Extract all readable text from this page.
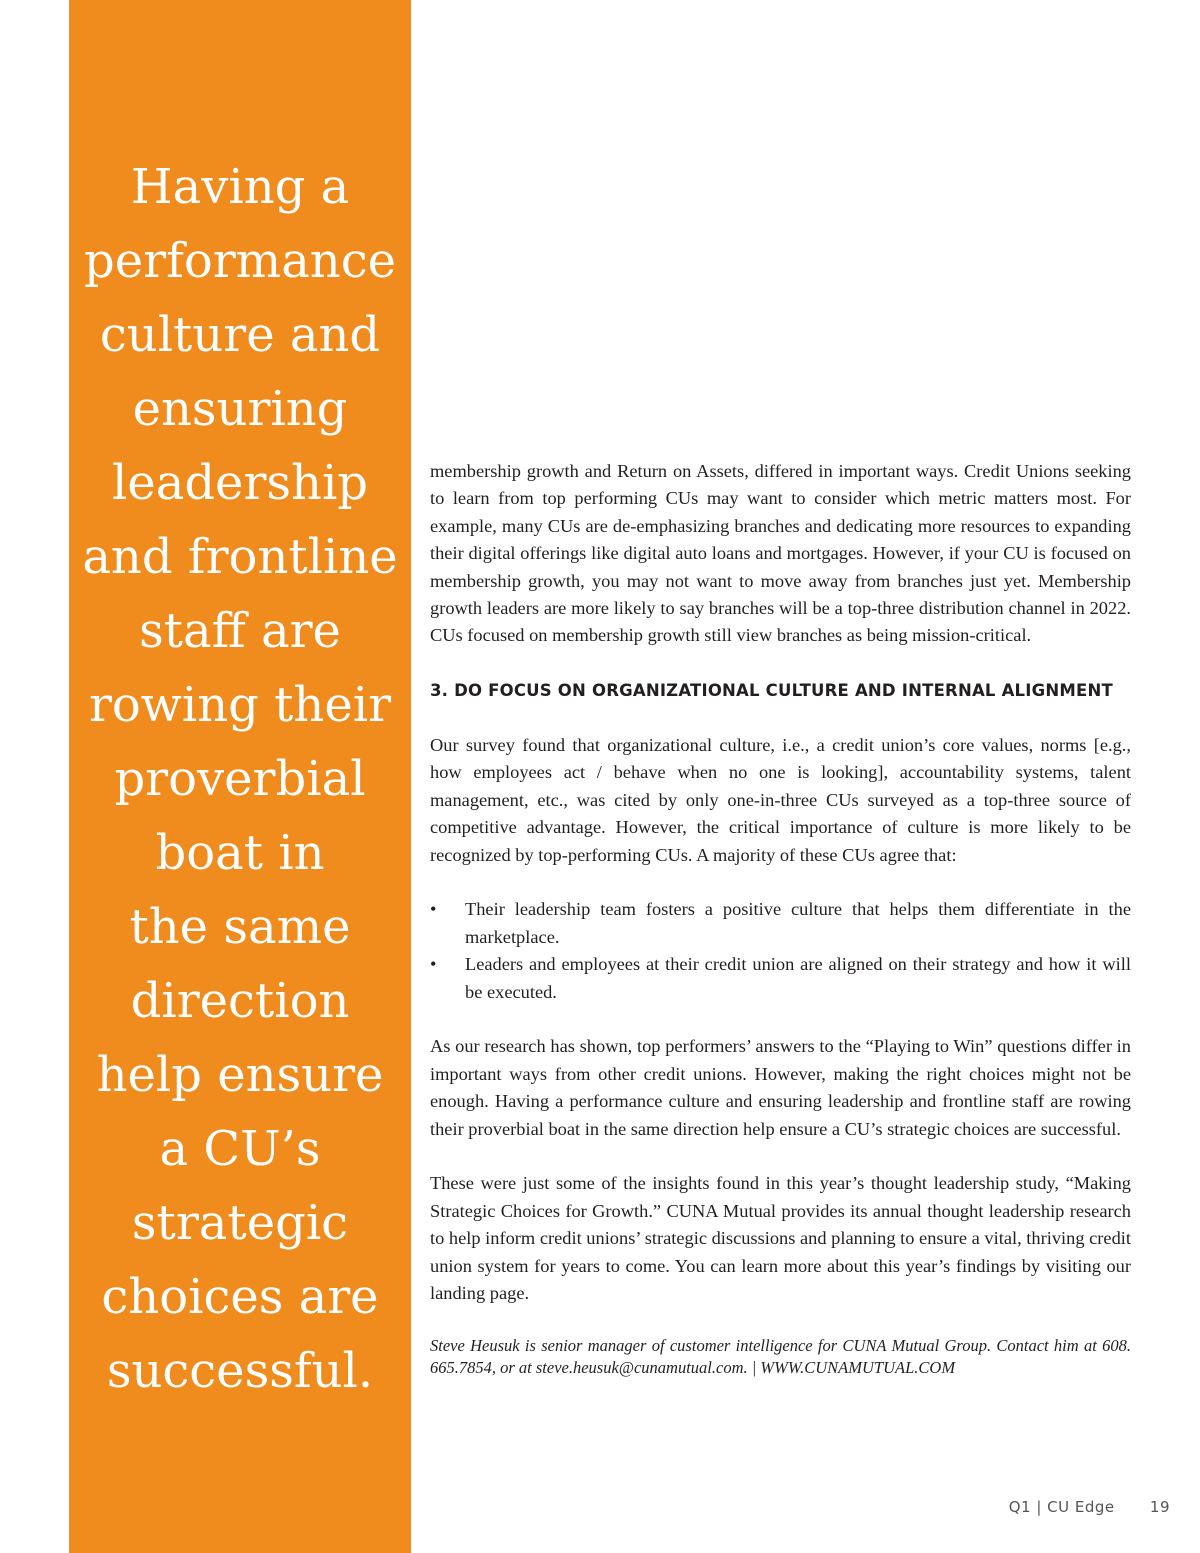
Having a
performance
culture and
ensuring
leadership
and frontline
staff are
rowing their
proverbial
boat in
the same
direction
help ensure
a CU’s
strategic
choices are
successful.

membership growth and Return on Assets, differed in important ways. Credit Unions seeking to learn from top performing CUs may want to consider which metric matters most. For example, many CUs are de-emphasizing branches and dedicating more resources to expanding their digital offerings like digital auto loans and mortgages. However, if your CU is focused on membership growth, you may not want to move away from branches just yet. Membership growth leaders are more likely to say branches will be a top-three distribution channel in 2022. CUs focused on membership growth still view branches as being mission-critical.

3. DO FOCUS ON ORGANIZATIONAL CULTURE AND INTERNAL ALIGNMENT

Our survey found that organizational culture, i.e., a credit union’s core values, norms [e.g., how employees act / behave when no one is looking], accountability systems, talent management, etc., was cited by only one-in-three CUs surveyed as a top-three source of competitive advantage. However, the critical importance of culture is more likely to be recognized by top-performing CUs. A majority of these CUs agree that:

• Their leadership team fosters a positive culture that helps them differentiate in the marketplace.
• Leaders and employees at their credit union are aligned on their strategy and how it will be executed.

As our research has shown, top performers’ answers to the “Playing to Win” questions differ in important ways from other credit unions. However, making the right choices might not be enough. Having a performance culture and ensuring leadership and frontline staff are rowing their proverbial boat in the same direction help ensure a CU’s strategic choices are successful.

These were just some of the insights found in this year’s thought leadership study, “Making Strategic Choices for Growth.” CUNA Mutual provides its annual thought leadership research to help inform credit unions’ strategic discussions and planning to ensure a vital, thriving credit union system for years to come. You can learn more about this year’s findings by visiting our landing page.

Steve Heusuk is senior manager of customer intelligence for CUNA Mutual Group. Contact him at 608. 665.7854, or at steve.heusuk@cunamutual.com. | WWW.CUNAMUTUAL.COM

Q1 | CU Edge 19
